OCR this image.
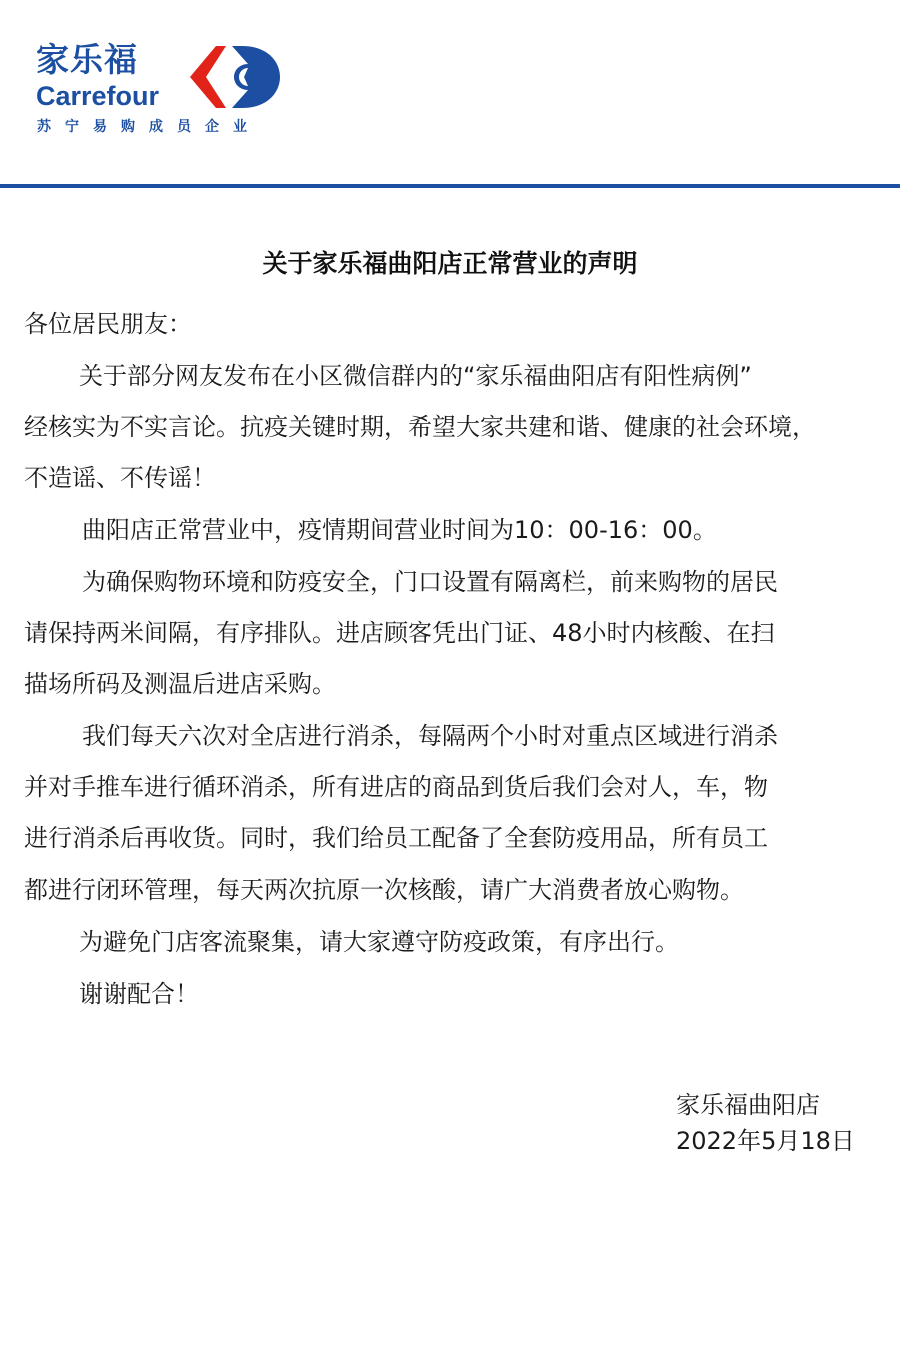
家乐福
Carrefour
苏宁易购成员企业
关于家乐福曲阳店正常营业的声明
各位居民朋友：
关于部分网友发布在小区微信群内的“家乐福曲阳店有阳性病例”
经核实为不实言论。抗疫关键时期，希望大家共建和谐、健康的社会环境，
不造谣、不传谣！
曲阳店正常营业中，疫情期间营业时间为10：00-16：00。
为确保购物环境和防疫安全，门口设置有隔离栏，前来购物的居民
请保持两米间隔，有序排队。进店顾客凭出门证、48小时内核酸、在扫
描场所码及测温后进店采购。
我们每天六次对全店进行消杀，每隔两个小时对重点区域进行消杀
并对手推车进行循环消杀，所有进店的商品到货后我们会对人，车，物
进行消杀后再收货。同时，我们给员工配备了全套防疫用品，所有员工
都进行闭环管理，每天两次抗原一次核酸，请广大消费者放心购物。
为避免门店客流聚集，请大家遵守防疫政策，有序出行。
谢谢配合！
家乐福曲阳店
2022年5月18日
